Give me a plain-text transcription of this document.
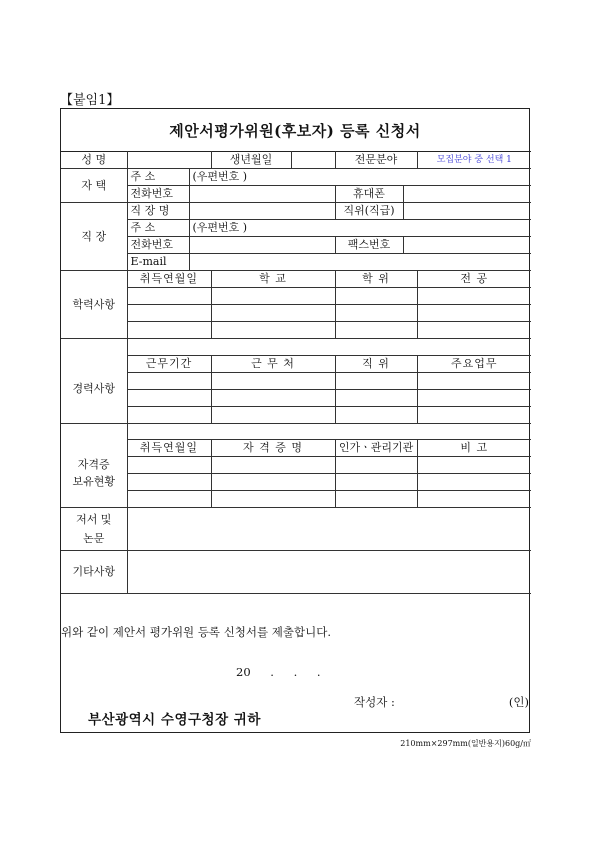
【붙임1】
제안서평가위원(후보자) 등록 신청서
성 명			생년월일		전문분야		모집분야 중 선택 1
자 택	주 소	(우편번호 )					
	전화번호				휴대폰		
직 장	직 장 명				직위(직급)		
	주 소	(우편번호 )					
	전화번호				팩스번호		
	E-mail						
학력사항	취득연월일		학 교		학 위		전 공

경력사항	근무기간		근 무 처		직 위		주요업무

자격증
보유현황	취득연월일		자 격 증 명		인가ㆍ관리기관		비 고

저서 및
논문							

기타사항							
위와 같이 제안서 평가위원 등록 신청서를 제출합니다.
20 . . .
작성자 :	(인)
부산광역시 수영구청장 귀하
210mm×297mm(일반용지)60g/㎡
